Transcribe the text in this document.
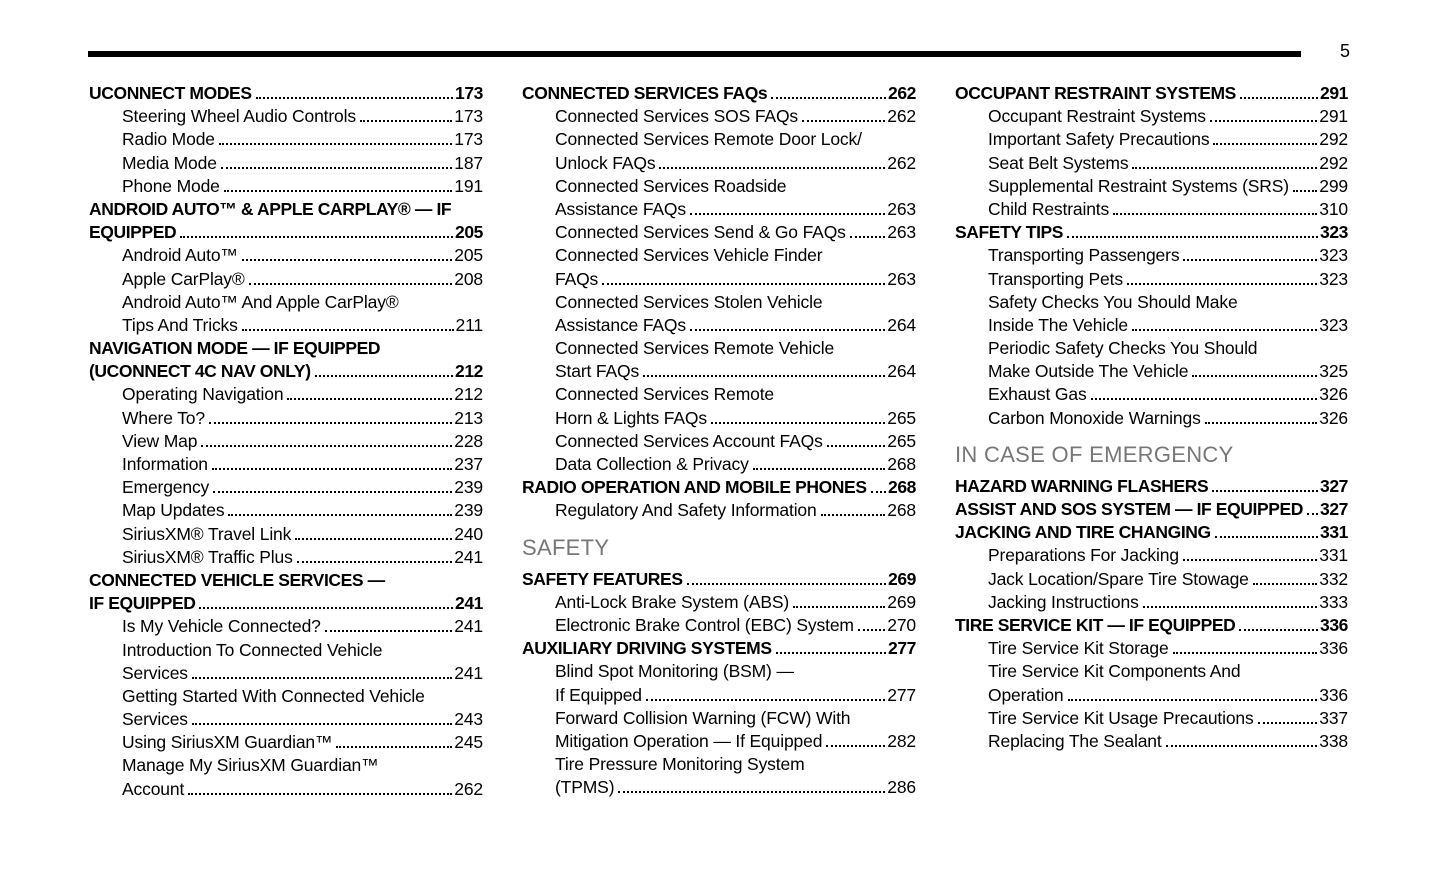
5
UCONNECT MODES	173
Steering Wheel Audio Controls	173
Radio Mode	173
Media Mode	187
Phone Mode	191
ANDROID AUTO™ & APPLE CARPLAY® — IF
EQUIPPED	205
Android Auto™	205
Apple CarPlay®	208
Android Auto™ And Apple CarPlay®
Tips And Tricks	211
NAVIGATION MODE — IF EQUIPPED
(UCONNECT 4C NAV ONLY)	212
Operating Navigation	212
Where To?	213
View Map	228
Information	237
Emergency	239
Map Updates	239
SiriusXM® Travel Link	240
SiriusXM® Traffic Plus	241
CONNECTED VEHICLE SERVICES —
IF EQUIPPED	241
Is My Vehicle Connected?	241
Introduction To Connected Vehicle
Services	241
Getting Started With Connected Vehicle
Services	243
Using SiriusXM Guardian™	245
Manage My SiriusXM Guardian™
Account	262
CONNECTED SERVICES FAQs	262
Connected Services SOS FAQs	262
Connected Services Remote Door Lock/
Unlock FAQs	262
Connected Services Roadside
Assistance FAQs	263
Connected Services Send & Go FAQs 263
Connected Services Vehicle Finder
FAQs	263
Connected Services Stolen Vehicle
Assistance FAQs	264
Connected Services Remote Vehicle
Start FAQs	264
Connected Services Remote
Horn & Lights FAQs	265
Connected Services Account FAQs	265
Data Collection & Privacy	268
RADIO OPERATION AND MOBILE PHONES 268
Regulatory And Safety Information	268
SAFETY
SAFETY FEATURES	269
Anti-Lock Brake System (ABS)	269
Electronic Brake Control (EBC) System 270
AUXILIARY DRIVING SYSTEMS	277
Blind Spot Monitoring (BSM) —
If Equipped	277
Forward Collision Warning (FCW) With
Mitigation Operation — If Equipped	282
Tire Pressure Monitoring System
(TPMS)	286
OCCUPANT RESTRAINT SYSTEMS	291
Occupant Restraint Systems	291
Important Safety Precautions	292
Seat Belt Systems	292
Supplemental Restraint Systems (SRS) 299
Child Restraints	310
SAFETY TIPS	323
Transporting Passengers	323
Transporting Pets	323
Safety Checks You Should Make
Inside The Vehicle	323
Periodic Safety Checks You Should
Make Outside The Vehicle	325
Exhaust Gas	326
Carbon Monoxide Warnings	326
IN CASE OF EMERGENCY
HAZARD WARNING FLASHERS	327
ASSIST AND SOS SYSTEM — IF EQUIPPED 327
JACKING AND TIRE CHANGING	331
Preparations For Jacking	331
Jack Location/Spare Tire Stowage	332
Jacking Instructions	333
TIRE SERVICE KIT — IF EQUIPPED	336
Tire Service Kit Storage	336
Tire Service Kit Components And
Operation	336
Tire Service Kit Usage Precautions	337
Replacing The Sealant	338
